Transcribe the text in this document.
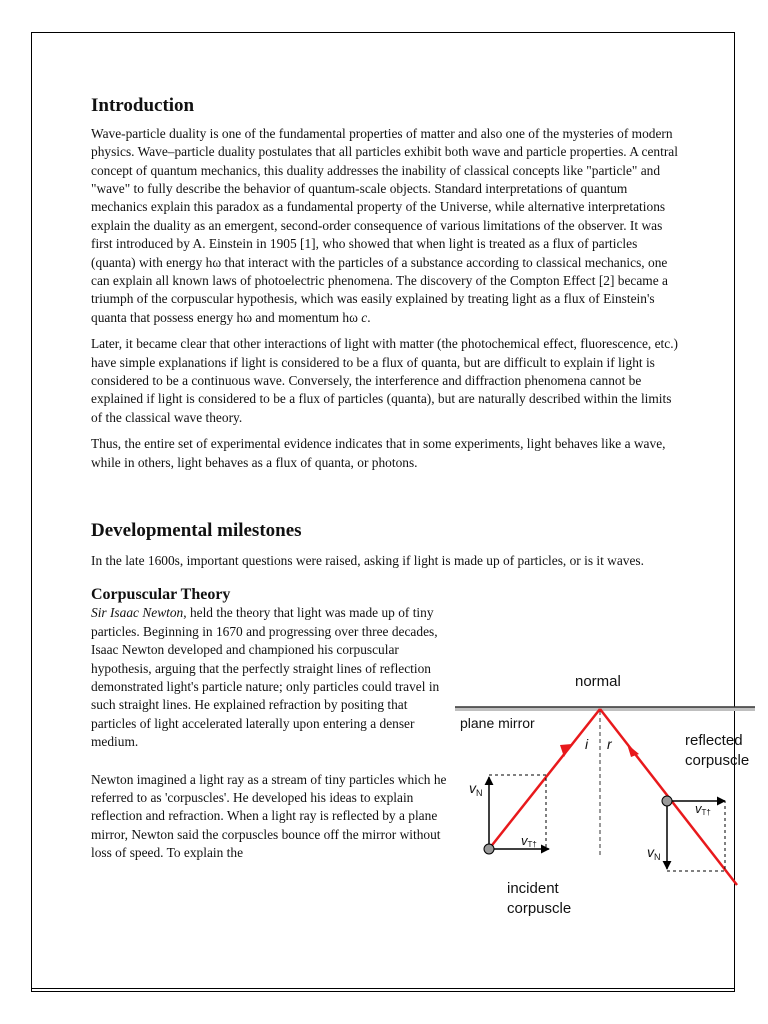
Introduction

Wave-particle duality is one of the fundamental properties of matter and also one of the mysteries of modern physics. Wave–particle duality postulates that all particles exhibit both wave and particle properties. A central concept of quantum mechanics, this duality addresses the inability of classical concepts like "particle" and "wave" to fully describe the behavior of quantum-scale objects. Standard interpretations of quantum mechanics explain this paradox as a fundamental property of the Universe, while alternative interpretations explain the duality as an emergent, second-order consequence of various limitations of the observer. It was first introduced by A. Einstein in 1905 [1], who showed that when light is treated as a flux of particles (quanta) with energy hω that interact with the particles of a substance according to classical mechanics, one can explain all known laws of photoelectric phenomena. The discovery of the Compton Effect [2] became a triumph of the corpuscular hypothesis, which was easily explained by treating light as a flux of Einstein's quanta that possess energy hω and momentum hω c.

Later, it became clear that other interactions of light with matter (the photochemical effect, fluorescence, etc.) have simple explanations if light is considered to be a flux of quanta, but are difficult to explain if light is considered to be a continuous wave. Conversely, the interference and diffraction phenomena cannot be explained if light is considered to be a flux of particles (quanta), but are naturally described within the limits of the classical wave theory.

Thus, the entire set of experimental evidence indicates that in some experiments, light behaves like a wave, while in others, light behaves as a flux of quanta, or photons.

Developmental milestones

In the late 1600s, important questions were raised, asking if light is made up of particles, or is it waves.

Corpuscular Theory

Sir Isaac Newton, held the theory that light was made up of tiny particles. Beginning in 1670 and progressing over three decades, Isaac Newton developed and championed his corpuscular hypothesis, arguing that the perfectly straight lines of reflection demonstrated light's particle nature; only particles could travel in such straight lines. He explained refraction by positing that particles of light accelerated laterally upon entering a denser medium.

Newton imagined a light ray as a stream of tiny particles which he referred to as 'corpuscles'. He developed his ideas to explain reflection and refraction. When a light ray is reflected by a plane mirror, Newton said the corpuscles bounce off the mirror without loss of speed. To explain the

normal
plane mirror
i r
$v_N$
vT†
vT†
$v_N$
reflected
corpuscle
incident
corpuscle
